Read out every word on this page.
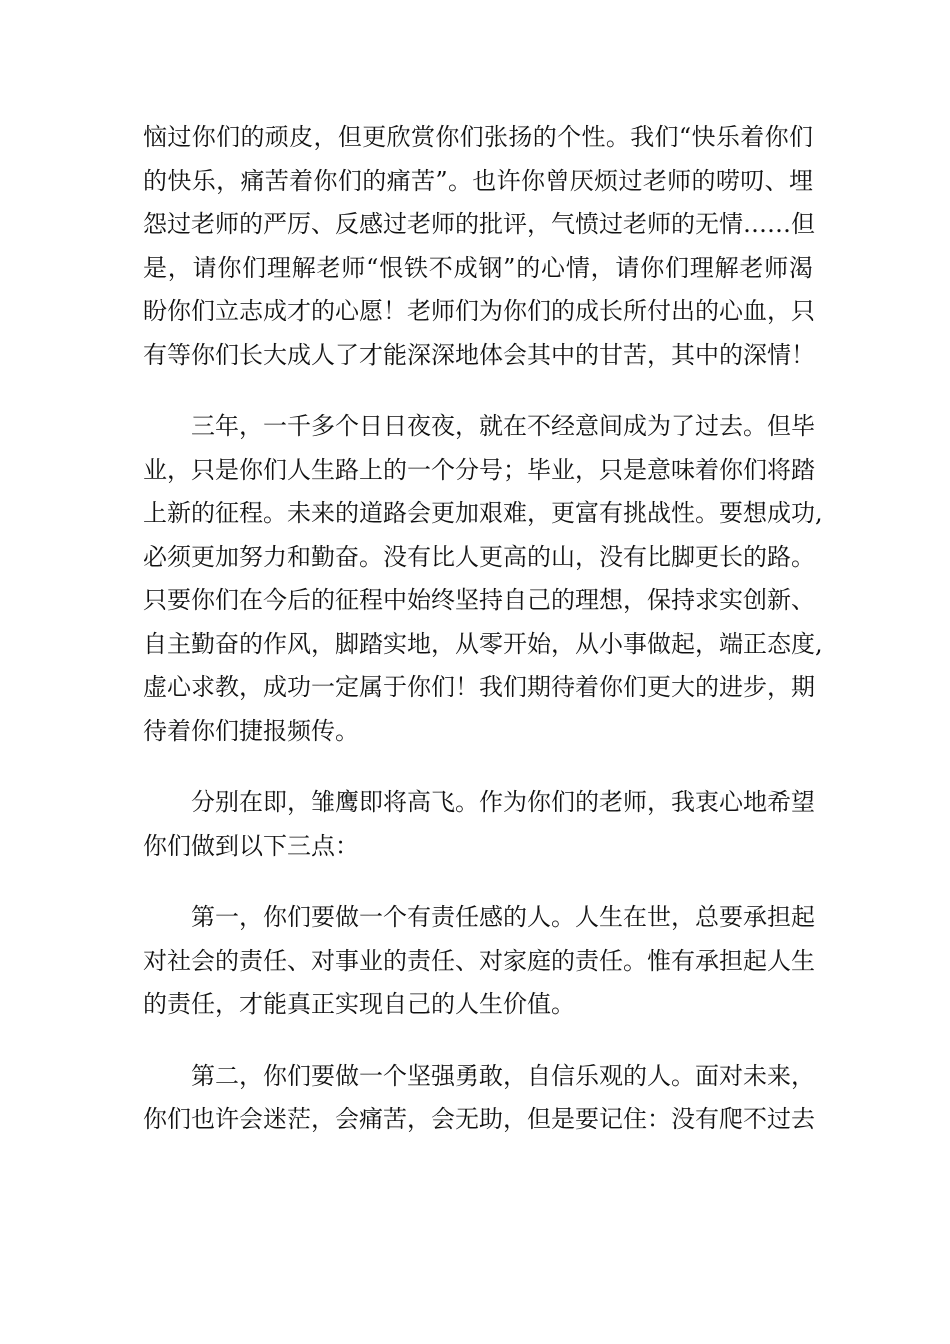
恼过你们的顽皮，但更欣赏你们张扬的个性。我们“快乐着你们
的快乐，痛苦着你们的痛苦”。也许你曾厌烦过老师的唠叨、埋
怨过老师的严厉、反感过老师的批评，气愤过老师的无情……但
是，请你们理解老师“恨铁不成钢”的心情，请你们理解老师渴
盼你们立志成才的心愿！老师们为你们的成长所付出的心血，只
有等你们长大成人了才能深深地体会其中的甘苦，其中的深情！
三年，一千多个日日夜夜，就在不经意间成为了过去。但毕
业，只是你们人生路上的一个分号；毕业，只是意味着你们将踏
上新的征程。未来的道路会更加艰难，更富有挑战性。要想成功,
必须更加努力和勤奋。没有比人更高的山，没有比脚更长的路。
只要你们在今后的征程中始终坚持自己的理想，保持求实创新、
自主勤奋的作风，脚踏实地，从零开始，从小事做起，端正态度,
虚心求教，成功一定属于你们！我们期待着你们更大的进步，期
待着你们捷报频传。
分别在即，雏鹰即将高飞。作为你们的老师，我衷心地希望
你们做到以下三点：
第一，你们要做一个有责任感的人。人生在世，总要承担起
对社会的责任、对事业的责任、对家庭的责任。惟有承担起人生
的责任，才能真正实现自己的人生价值。
第二，你们要做一个坚强勇敢，自信乐观的人。面对未来，
你们也许会迷茫，会痛苦，会无助，但是要记住：没有爬不过去
